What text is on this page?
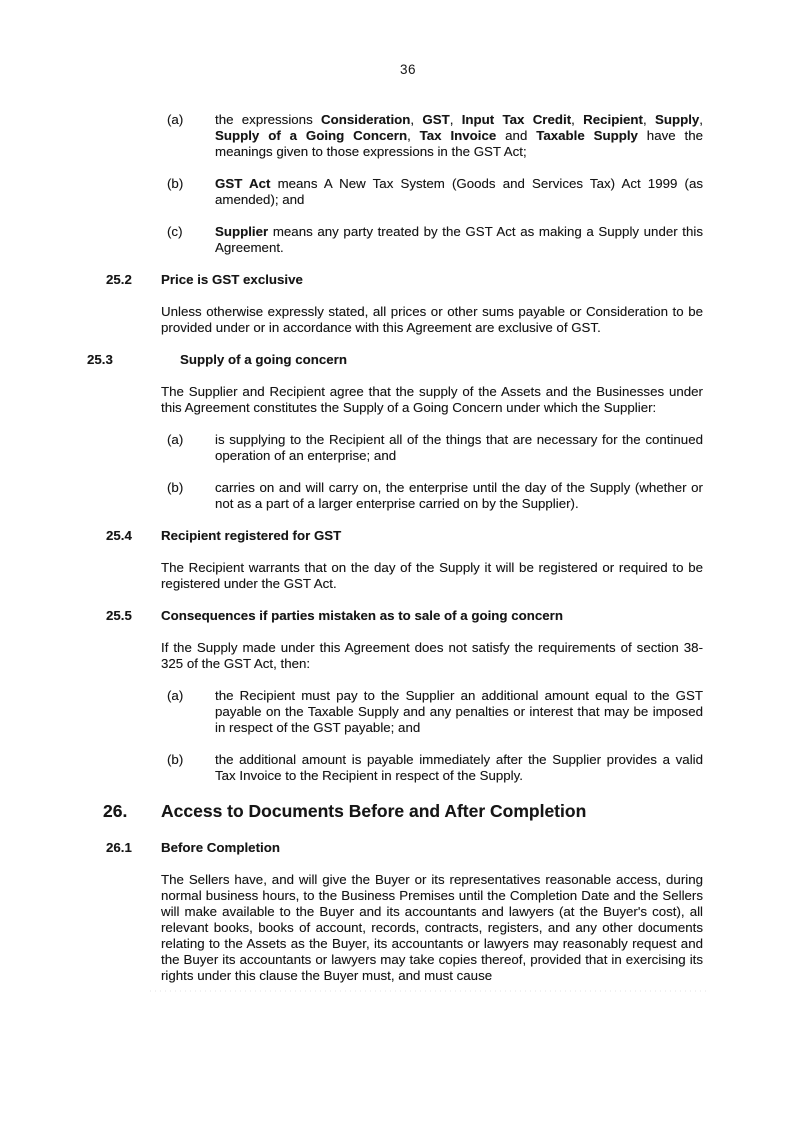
36
(a) the expressions Consideration, GST, Input Tax Credit, Recipient, Supply, Supply of a Going Concern, Tax Invoice and Taxable Supply have the meanings given to those expressions in the GST Act;
(b) GST Act means A New Tax System (Goods and Services Tax) Act 1999 (as amended); and
(c) Supplier means any party treated by the GST Act as making a Supply under this Agreement.
25.2 Price is GST exclusive
Unless otherwise expressly stated, all prices or other sums payable or Consideration to be provided under or in accordance with this Agreement are exclusive of GST.
25.3	Supply of a going concern
The Supplier and Recipient agree that the supply of the Assets and the Businesses under this Agreement constitutes the Supply of a Going Concern under which the Supplier:
(a) is supplying to the Recipient all of the things that are necessary for the continued operation of an enterprise; and
(b) carries on and will carry on, the enterprise until the day of the Supply (whether or not as a part of a larger enterprise carried on by the Supplier).
25.4 Recipient registered for GST
The Recipient warrants that on the day of the Supply it will be registered or required to be registered under the GST Act.
25.5 Consequences if parties mistaken as to sale of a going concern
If the Supply made under this Agreement does not satisfy the requirements of section 38-325 of the GST Act, then:
(a) the Recipient must pay to the Supplier an additional amount equal to the GST payable on the Taxable Supply and any penalties or interest that may be imposed in respect of the GST payable; and
(b) the additional amount is payable immediately after the Supplier provides a valid Tax Invoice to the Recipient in respect of the Supply.
26. Access to Documents Before and After Completion
26.1 Before Completion
The Sellers have, and will give the Buyer or its representatives reasonable access, during normal business hours, to the Business Premises until the Completion Date and the Sellers will make available to the Buyer and its accountants and lawyers (at the Buyer's cost), all relevant books, books of account, records, contracts, registers, and any other documents relating to the Assets as the Buyer, its accountants or lawyers may reasonably request and the Buyer its accountants or lawyers may take copies thereof, provided that in exercising its rights under this clause the Buyer must, and must cause
